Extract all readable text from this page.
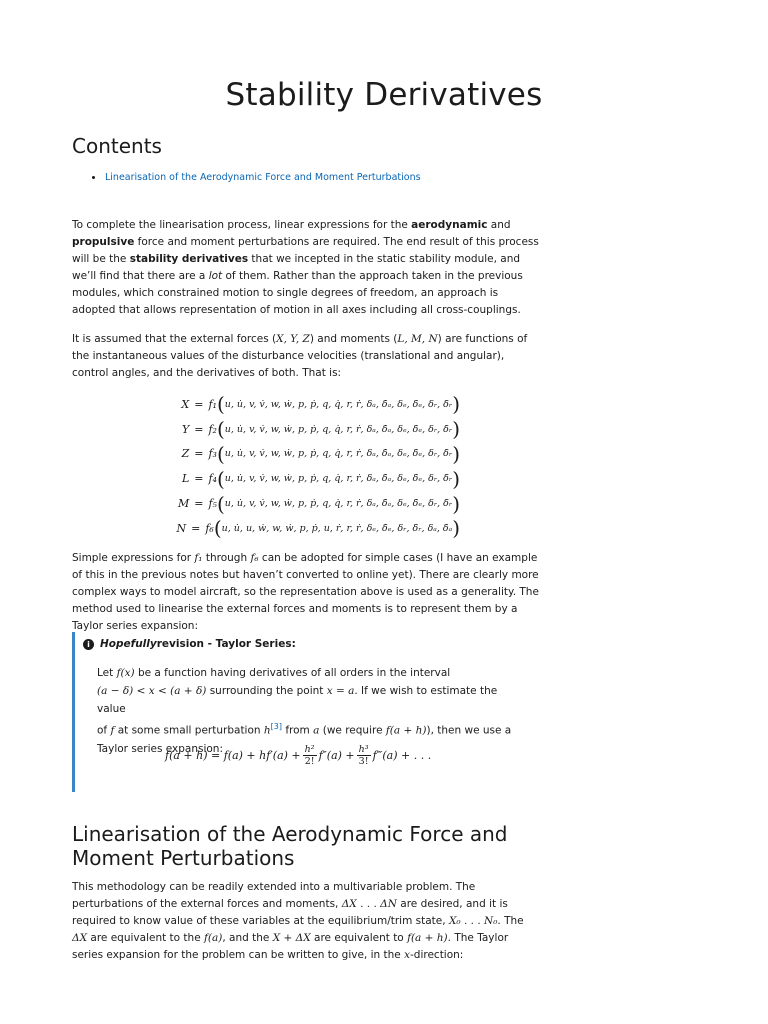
Stability Derivatives
Contents
Linearisation of the Aerodynamic Force and Moment Perturbations

To complete the linearisation process, linear expressions for the aerodynamic and propulsive force and moment perturbations are required. The end result of this process will be the stability derivatives that we incepted in the static stability module, and we’ll find that there are a lot of them. Rather than the approach taken in the previous modules, which constrained motion to single degrees of freedom, an approach is adopted that allows representation of motion in all axes including all cross-couplings.

It is assumed that the external forces (X, Y, Z) and moments (L, M, N) are functions of the instantaneous values of the disturbance velocities (translational and angular), control angles, and the derivatives of both. That is:

X = f₁ ( u, u̇, v, v̇, w, ẇ, p, ṗ, q, q̇, r, ṙ, δₐ, δ̇ₐ, δₑ, δ̇ₑ, δᵣ, δ̇ᵣ )
Y = f₂ ( u, u̇, v, v̇, w, ẇ, p, ṗ, q, q̇, r, ṙ, δₐ, δ̇ₐ, δₑ, δ̇ₑ, δᵣ, δ̇ᵣ )
Z = f₃ ( u, u̇, v, v̇, w, ẇ, p, ṗ, q, q̇, r, ṙ, δₐ, δ̇ₐ, δₑ, δ̇ₑ, δᵣ, δ̇ᵣ )
L = f₄ ( u, u̇, v, v̇, w, ẇ, p, ṗ, q, q̇, r, ṙ, δₐ, δ̇ₐ, δₑ, δ̇ₑ, δᵣ, δ̇ᵣ )
M = f₅ ( u, u̇, v, v̇, w, ẇ, p, ṗ, q, q̇, r, ṙ, δₐ, δ̇ₐ, δₑ, δ̇ₑ, δᵣ, δ̇ᵣ )
N = f₆ ( u, u̇, u, ẇ, w, ẇ, p, ṗ, u, ṙ, r, ṙ, δₑ, δ̇ₑ, δᵣ, δ̇ᵣ, δₐ, δ̇ₐ )

Simple expressions for f₁ through f₆ can be adopted for simple cases (I have an example of this in the previous notes but haven’t converted to online yet). There are clearly more complex ways to model aircraft, so the representation above is used as a generality. The method used to linearise the external forces and moments is to represent them by a Taylor series expansion:

i Hopefully revision - Taylor Series:
Let f(x) be a function having derivatives of all orders in the interval
(a − δ) < x < (a + δ) surrounding the point x = a. If we wish to estimate the value
of f at some small perturbation h[3] from a (we require f(a + h)), then we use a
Taylor series expansion:
$f(a + h) = f(a) + hf'(a) + \frac{\text{h²}}{2!} f''(a) + \frac{\text{h³}}{3!}$ f‴(a) + . . .
Linearisation of the Aerodynamic Force and Moment Perturbations

This methodology can be readily extended into a multivariable problem. The perturbations of the external forces and moments, ΔX . . . ΔN are desired, and it is required to know value of these variables at the equilibrium/trim state, X₀ . . . N₀. The ΔX are equivalent to the f(a), and the X + ΔX are equivalent to f(a + h). The Taylor series expansion for the problem can be written to give, in the x-direction:
